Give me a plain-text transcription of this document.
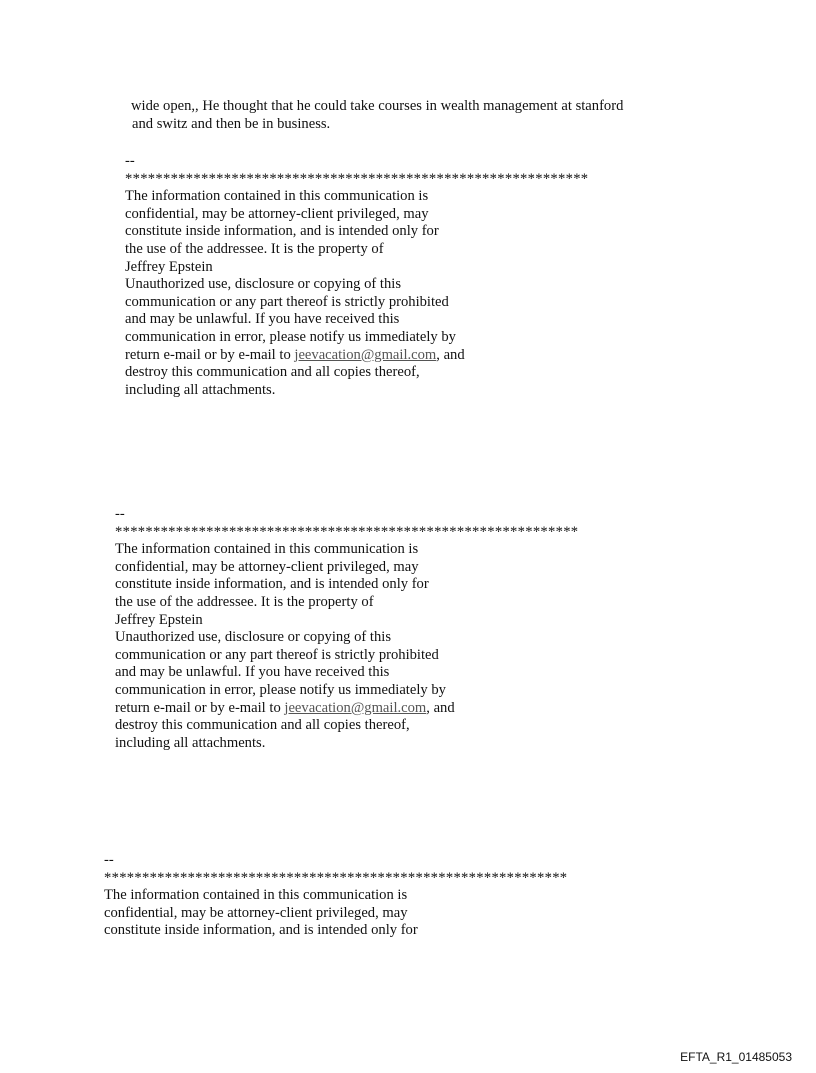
wide open,, He thought that he could take courses in wealth management at stanford
and switz and then be in business.
--
*************************************************************
The information contained in this communication is
confidential, may be attorney-client privileged, may
constitute inside information, and is intended only for
the use of the addressee. It is the property of
Jeffrey Epstein
Unauthorized use, disclosure or copying of this
communication or any part thereof is strictly prohibited
and may be unlawful. If you have received this
communication in error, please notify us immediately by
return e-mail or by e-mail to jeevacation@gmail.com, and
destroy this communication and all copies thereof,
including all attachments.
--
*************************************************************
The information contained in this communication is
confidential, may be attorney-client privileged, may
constitute inside information, and is intended only for
the use of the addressee. It is the property of
Jeffrey Epstein
Unauthorized use, disclosure or copying of this
communication or any part thereof is strictly prohibited
and may be unlawful. If you have received this
communication in error, please notify us immediately by
return e-mail or by e-mail to jeevacation@gmail.com, and
destroy this communication and all copies thereof,
including all attachments.
--
*************************************************************
The information contained in this communication is
confidential, may be attorney-client privileged, may
constitute inside information, and is intended only for
EFTA_R1_01485053
